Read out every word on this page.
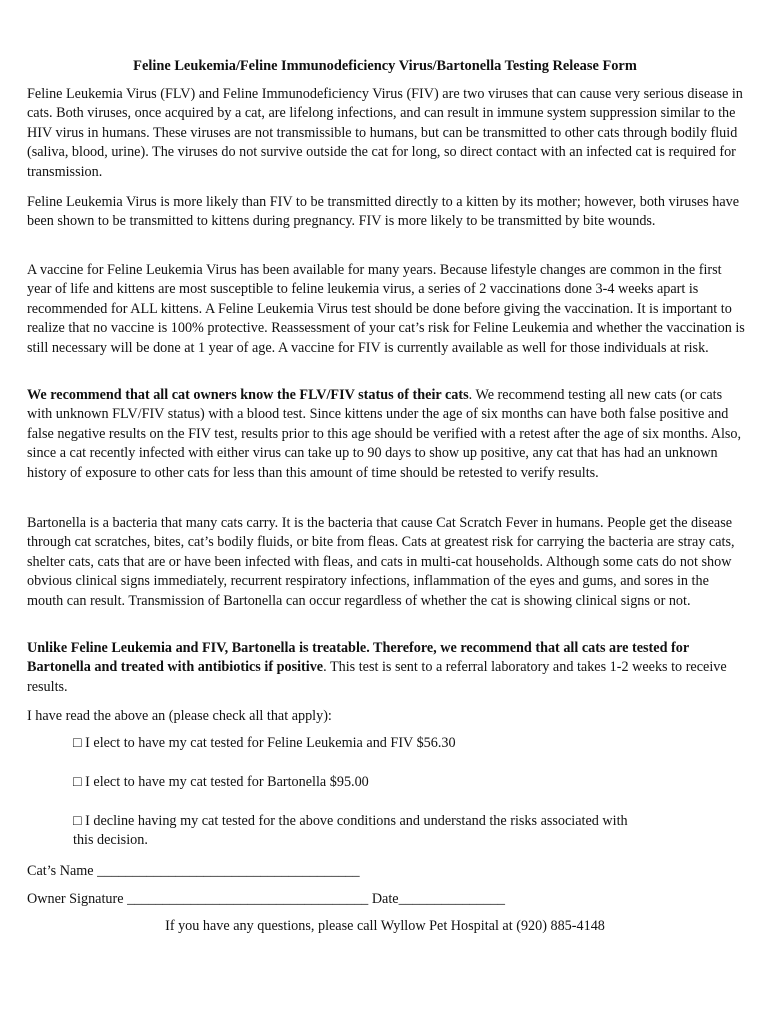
Feline Leukemia/Feline Immunodeficiency Virus/Bartonella Testing Release Form

Feline Leukemia Virus (FLV) and Feline Immunodeficiency Virus (FIV) are two viruses that can cause very serious disease in cats. Both viruses, once acquired by a cat, are lifelong infections, and can result in immune system suppression similar to the HIV virus in humans. These viruses are not transmissible to humans, but can be transmitted to other cats through bodily fluid (saliva, blood, urine). The viruses do not survive outside the cat for long, so direct contact with an infected cat is required for transmission.

Feline Leukemia Virus is more likely than FIV to be transmitted directly to a kitten by its mother; however, both viruses have been shown to be transmitted to kittens during pregnancy. FIV is more likely to be transmitted by bite wounds.

A vaccine for Feline Leukemia Virus has been available for many years. Because lifestyle changes are common in the first year of life and kittens are most susceptible to feline leukemia virus, a series of 2 vaccinations done 3-4 weeks apart is recommended for ALL kittens. A Feline Leukemia Virus test should be done before giving the vaccination. It is important to realize that no vaccine is 100% protective. Reassessment of your cat’s risk for Feline Leukemia and whether the vaccination is still necessary will be done at 1 year of age. A vaccine for FIV is currently available as well for those individuals at risk.

We recommend that all cat owners know the FLV/FIV status of their cats. We recommend testing all new cats (or cats with unknown FLV/FIV status) with a blood test. Since kittens under the age of six months can have both false positive and false negative results on the FIV test, results prior to this age should be verified with a retest after the age of six months. Also, since a cat recently infected with either virus can take up to 90 days to show up positive, any cat that has had an unknown history of exposure to other cats for less than this amount of time should be retested to verify results.

Bartonella is a bacteria that many cats carry. It is the bacteria that cause Cat Scratch Fever in humans. People get the disease through cat scratches, bites, cat’s bodily fluids, or bite from fleas. Cats at greatest risk for carrying the bacteria are stray cats, shelter cats, cats that are or have been infected with fleas, and cats in multi-cat households. Although some cats do not show obvious clinical signs immediately, recurrent respiratory infections, inflammation of the eyes and gums, and sores in the mouth can result. Transmission of Bartonella can occur regardless of whether the cat is showing clinical signs or not.

Unlike Feline Leukemia and FIV, Bartonella is treatable. Therefore, we recommend that all cats are tested for Bartonella and treated with antibiotics if positive. This test is sent to a referral laboratory and takes 1-2 weeks to receive results.

I have read the above an (please check all that apply):

□ I elect to have my cat tested for Feline Leukemia and FIV $56.30

□ I elect to have my cat tested for Bartonella $95.00

□ I decline having my cat tested for the above conditions and understand the risks associated with this decision.

Cat’s Name _____________________________________

Owner Signature __________________________________ Date_______________

If you have any questions, please call Wyllow Pet Hospital at (920) 885-4148
